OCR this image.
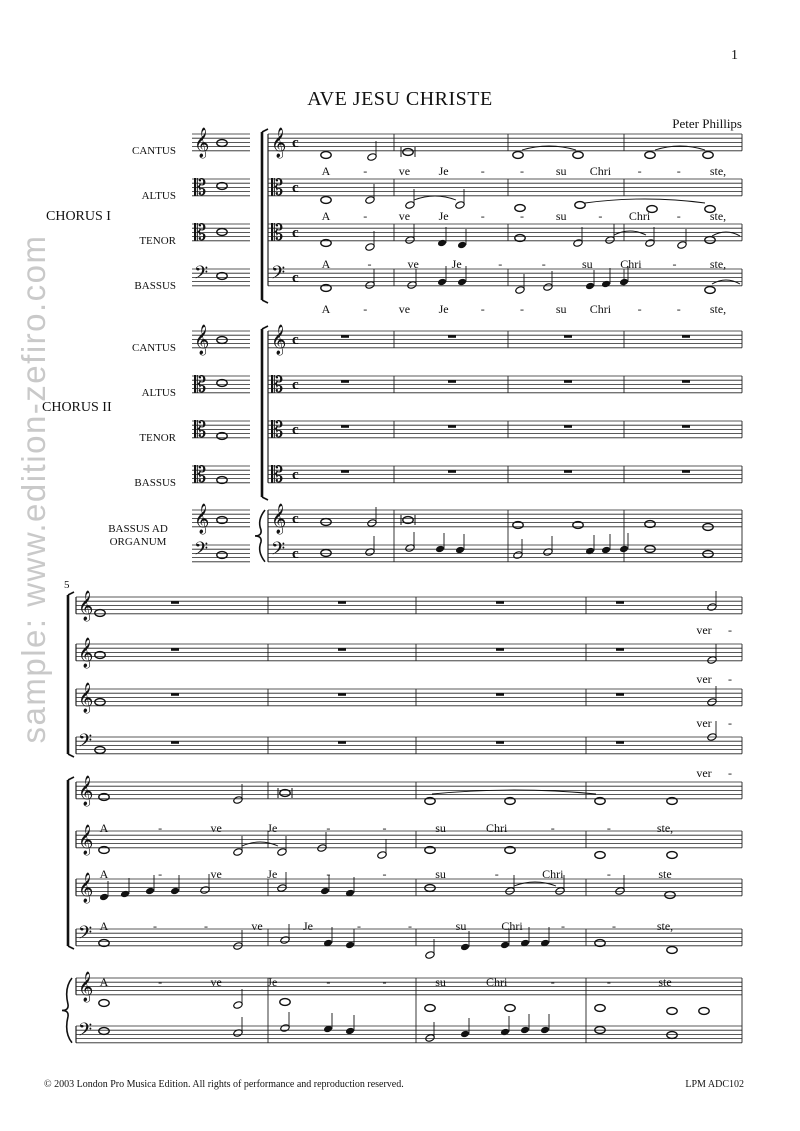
1
AVE JESU CHRISTE
Peter Phillips
CANTUS
ALTUS
TENOR
BASSUS
CHORUS I
CANTUS
ALTUS
TENOR
BASSUS
CHORUS II
BASSUS AD ORGANUM
sample: www.edition-zefiro.com
𝄞 𝄞 c
𝄡	𝄡 c
𝄡	𝄡 c
𝄢	𝄢 c
𝄞 𝄞 c
𝄡	𝄡 c
𝄡	𝄡 c
𝄡	𝄡 c
𝄞 𝄞 c
𝄢	𝄢 c
5
𝄞
𝄞
𝄞
𝄢
𝄞
𝄞
𝄞
𝄢
𝄞
𝄢
A	-	ve Je	-	-	su Chri -	- ste,
A	-	ve Je	-	-	su	- Chri - ste,
A	-	ve	Je	-	-	su Chri	-	ste,
A	-	ve Je	-	-	su Chri -	- ste,
ver -
ver -
ver -
ver -
A	-	ve	Je	-	-	su	Chri	-	-	ste,
A	-	ve	Je	-	-	su	-	Chri	-	ste
A	-	-	ve	Je	-	-	su	Chri	-	-	ste,
A	-	ve	Je	-	-	su	Chri	-	-	ste
© 2003 London Pro Musica Edition. All rights of performance and reproduction reserved.	LPM ADC102
